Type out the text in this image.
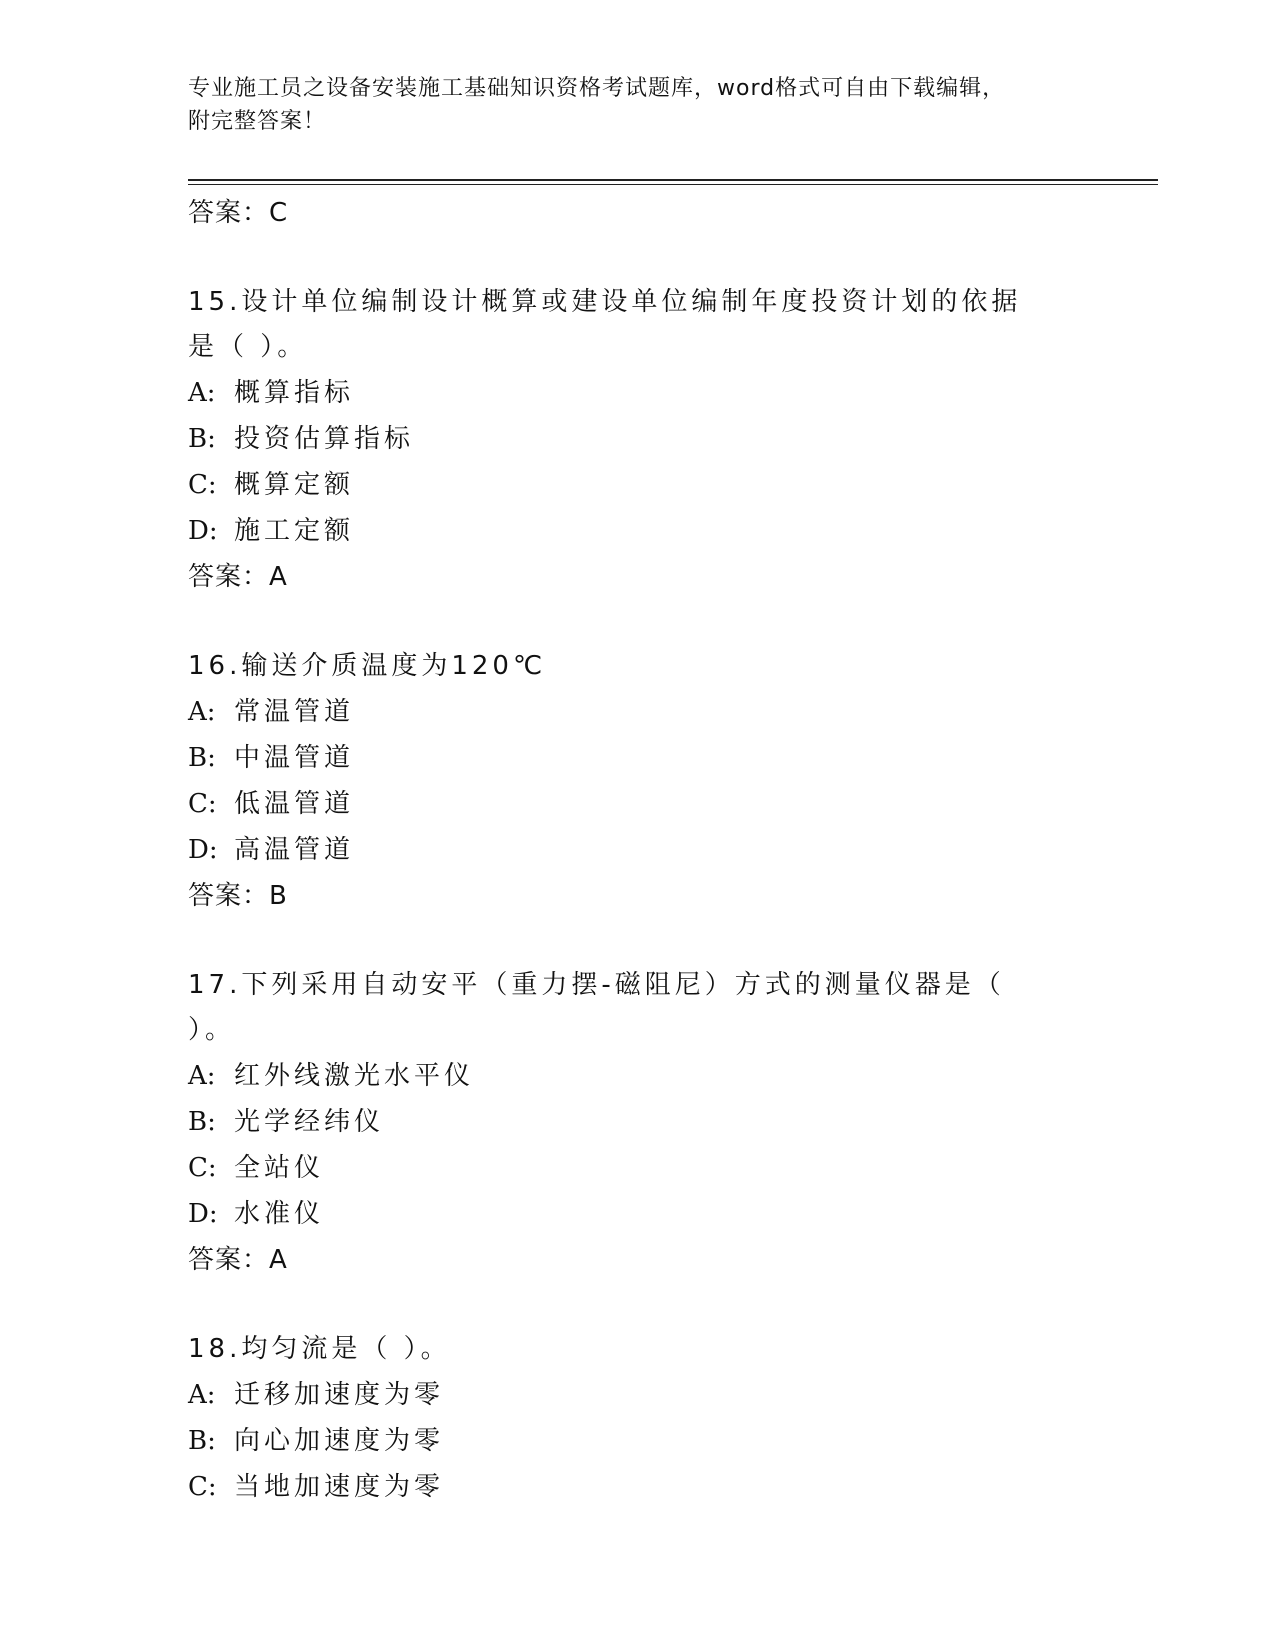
专业施工员之设备安装施工基础知识资格考试题库，word格式可自由下载编辑，
附完整答案！
答案：C
15.设计单位编制设计概算或建设单位编制年度投资计划的依据是（ ）。
A: 概算指标
B: 投资估算指标
C: 概算定额
D: 施工定额
答案：A
16.输送介质温度为120℃
A: 常温管道
B: 中温管道
C: 低温管道
D: 高温管道
答案：B
17.下列采用自动安平（重力摆-磁阻尼）方式的测量仪器是（ ）。
A: 红外线激光水平仪
B: 光学经纬仪
C: 全站仪
D: 水准仪
答案：A
18.均匀流是（ ）。
A: 迁移加速度为零
B: 向心加速度为零
C: 当地加速度为零
